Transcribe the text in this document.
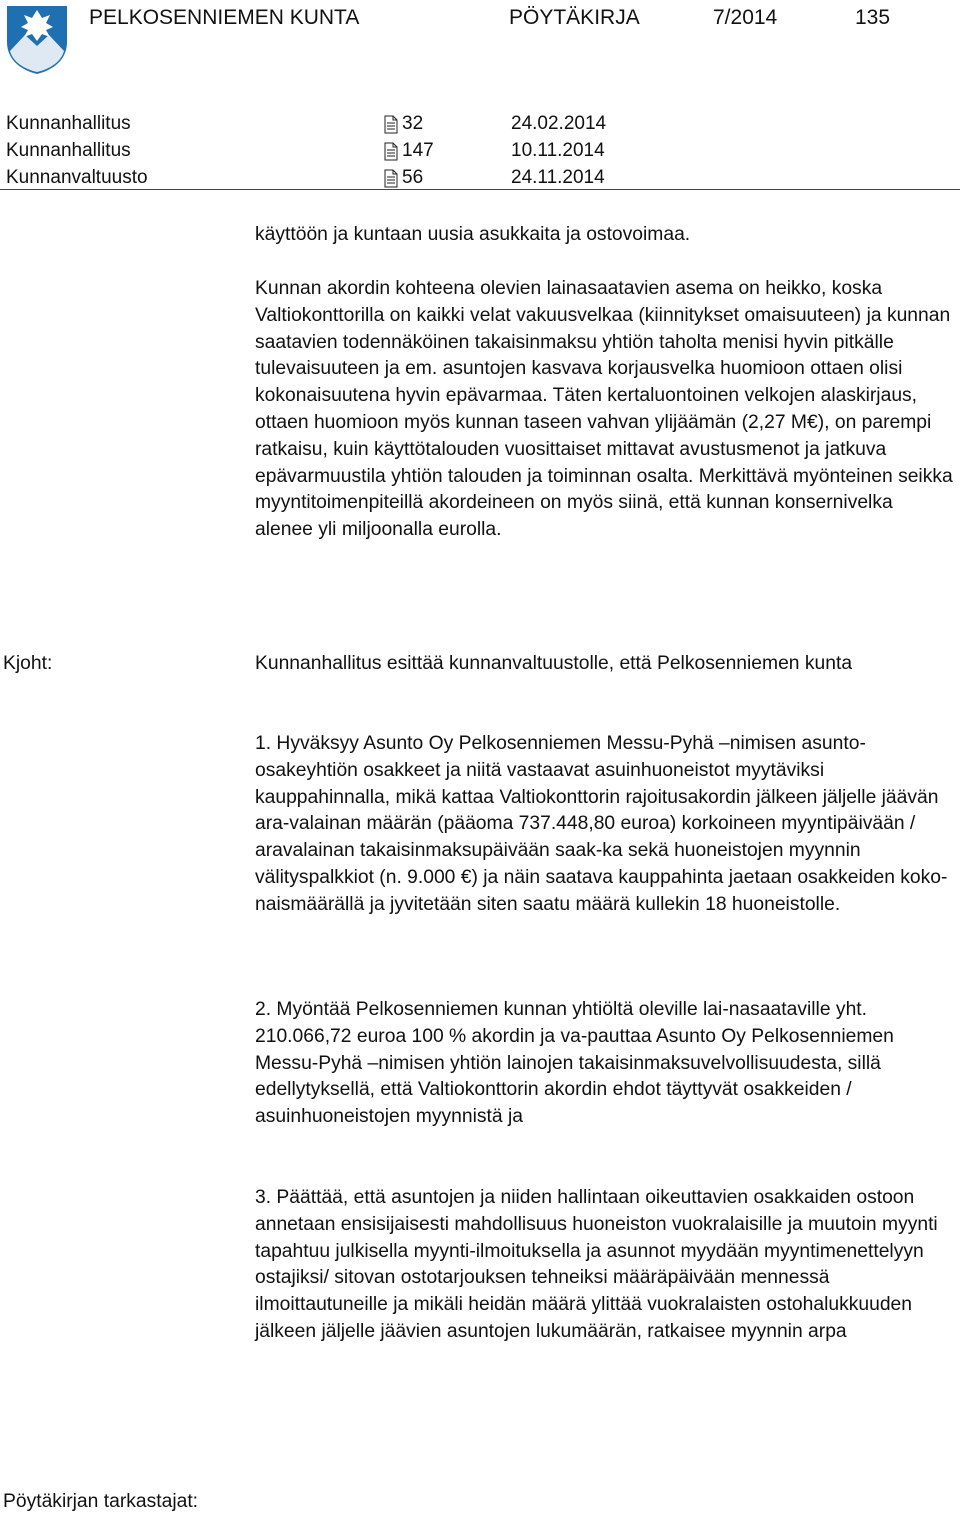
PELKOSENNIEMEN KUNTA	PÖYTÄKIRJA	7/2014	135
Kunnanhallitus	32	24.02.2014
Kunnanhallitus	147	10.11.2014
Kunnanvaltuusto	56	24.11.2014

käyttöön ja kuntaan uusia asukkaita ja ostovoimaa.

Kunnan akordin kohteena olevien lainasaatavien asema on heikko, koska Valtiokonttorilla on kaikki velat vakuusvelkaa (kiinnitykset omaisuuteen) ja kunnan saatavien todennäköinen takaisinmaksu yhtiön taholta menisi hyvin pitkälle tulevaisuuteen ja em. asuntojen kasvava korjausvelka huomioon ottaen olisi kokonaisuutena hyvin epävarmaa. Täten kertaluontoinen velkojen alaskirjaus, ottaen huomioon myös kunnan taseen vahvan ylijäämän (2,27 M€), on parempi ratkaisu, kuin käyttötalouden vuosittaiset mittavat avustusmenot ja jatkuva epävarmuustila yhtiön talouden ja toiminnan osalta. Merkittävä myönteinen seikka myyntitoimenpiteillä akordeineen on myös siinä, että kunnan konsernivelka alenee yli miljoonalla eurolla.

Kjoht:	Kunnanhallitus esittää kunnanvaltuustolle, että Pelkosenniemen kunta

1. Hyväksyy Asunto Oy Pelkosenniemen Messu-Pyhä –nimisen asunto-osakeyhtiön osakkeet ja niitä vastaavat asuinhuoneistot myytäviksi kauppahinnalla, mikä kattaa Valtiokonttorin rajoitusakordin jälkeen jäljelle jäävän ara-valainan määrän (pääoma 737.448,80 euroa) korkoineen myyntipäivään / aravalainan takaisinmaksupäivään saak-ka sekä huoneistojen myynnin välityspalkkiot (n. 9.000 €) ja näin saatava kauppahinta jaetaan osakkeiden koko-naismäärällä ja jyvitetään siten saatu määrä kullekin 18 huoneistolle.

2. Myöntää Pelkosenniemen kunnan yhtiöltä oleville lai-nasaataville yht. 210.066,72 euroa 100 % akordin ja va-pauttaa Asunto Oy Pelkosenniemen Messu-Pyhä –nimisen yhtiön lainojen takaisinmaksuvelvollisuudesta, sillä edellytyksellä, että Valtiokonttorin akordin ehdot täyttyvät osakkeiden / asuinhuoneistojen myynnistä ja

3. Päättää, että asuntojen ja niiden hallintaan oikeuttavien osakkaiden ostoon annetaan ensisijaisesti mahdollisuus huoneiston vuokralaisille ja muutoin myynti tapahtuu julkisella myynti-ilmoituksella ja asunnot myydään myyntimenettelyyn ostajiksi/ sitovan ostotarjouksen tehneiksi määräpäivään mennessä ilmoittautuneille ja mikäli heidän määrä ylittää vuokralaisten ostohalukkuuden jälkeen jäljelle jäävien asuntojen lukumäärän, ratkaisee myynnin arpa

Pöytäkirjan tarkastajat:
